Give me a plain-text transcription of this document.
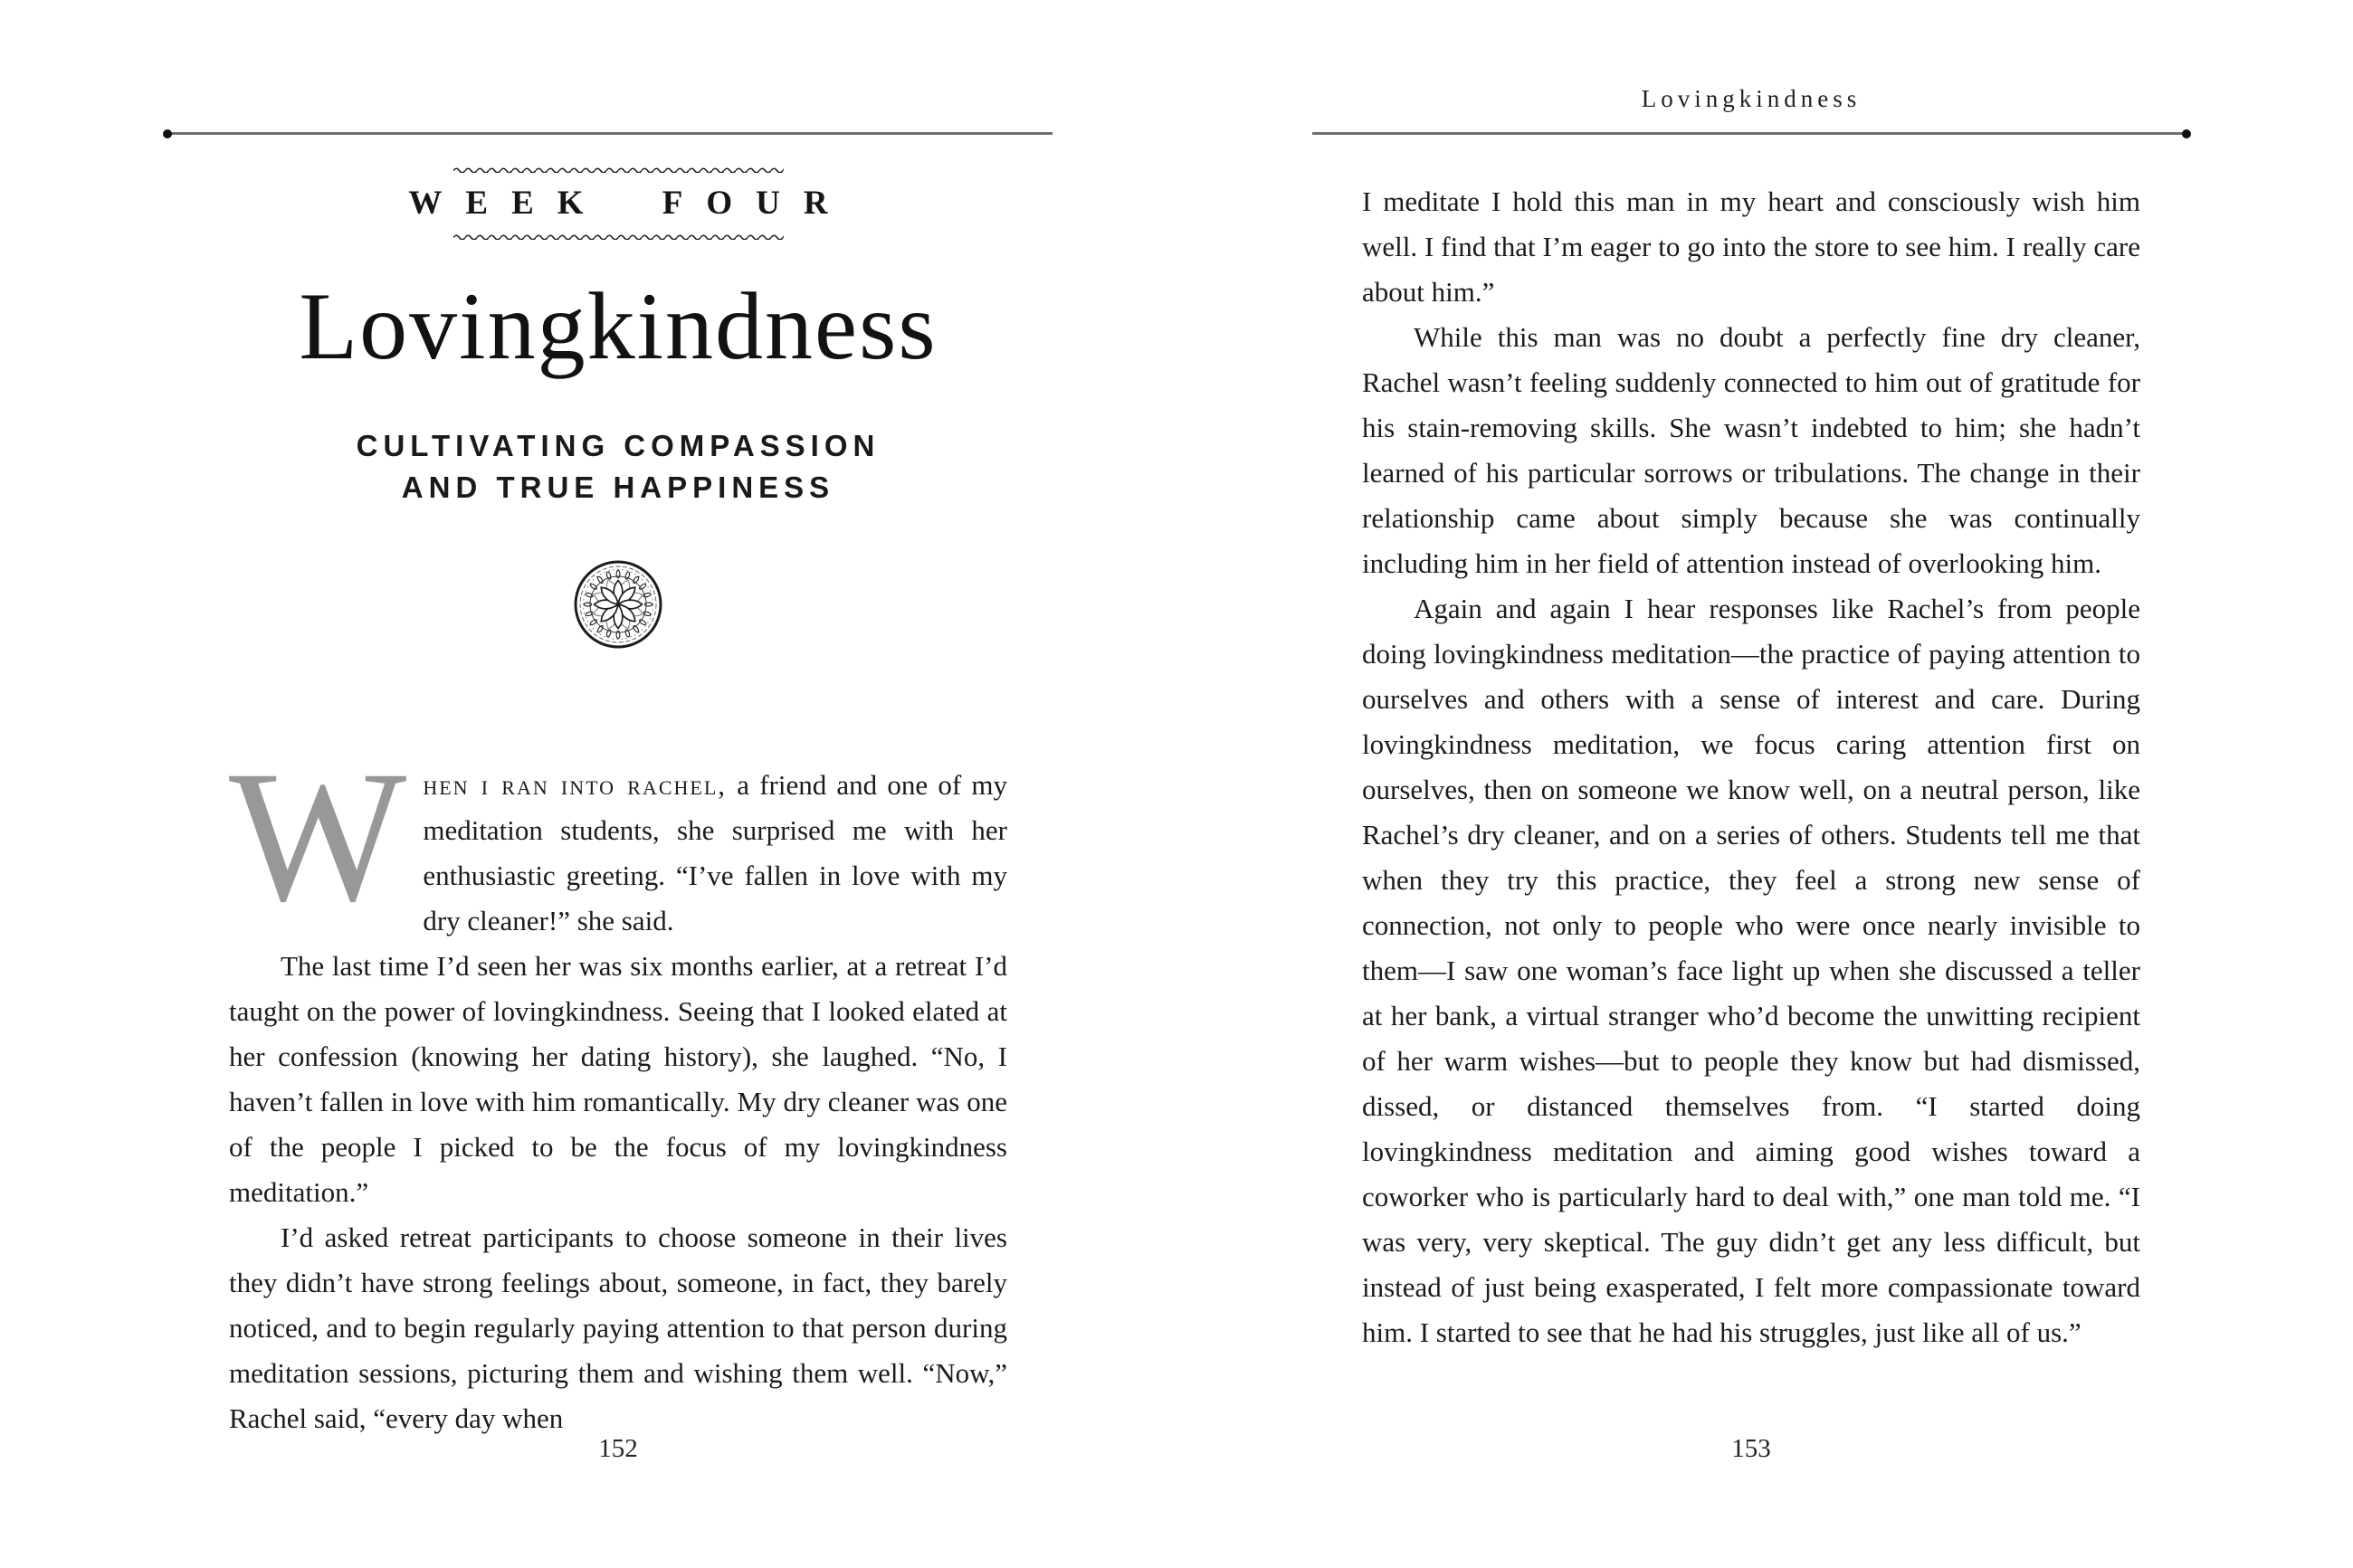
Lovingkindness
WEEK FOUR
Lovingkindness
CULTIVATING COMPASSION
AND TRUE HAPPINESS

When i ran into rachel, a friend and one of my meditation students, she surprised me with her enthusiastic greeting. “I’ve fallen in love with my dry cleaner!” she said.

The last time I’d seen her was six months earlier, at a retreat I’d taught on the power of lovingkindness. Seeing that I looked elated at her confession (knowing her dating history), she laughed. “No, I haven’t fallen in love with him romantically. My dry cleaner was one of the people I picked to be the focus of my lovingkindness meditation.”

I’d asked retreat participants to choose someone in their lives they didn’t have strong feelings about, someone, in fact, they barely noticed, and to begin regularly paying attention to that person during meditation sessions, picturing them and wishing them well. “Now,” Rachel said, “every day when

I meditate I hold this man in my heart and consciously wish him well. I find that I’m eager to go into the store to see him. I really care about him.”

While this man was no doubt a perfectly fine dry cleaner, Rachel wasn’t feeling suddenly connected to him out of gratitude for his stain-removing skills. She wasn’t indebted to him; she hadn’t learned of his particular sorrows or tribulations. The change in their relationship came about simply because she was continually including him in her field of attention instead of overlooking him.

Again and again I hear responses like Rachel’s from people doing lovingkindness meditation—the practice of paying attention to ourselves and others with a sense of interest and care. During lovingkindness meditation, we focus caring attention first on ourselves, then on someone we know well, on a neutral person, like Rachel’s dry cleaner, and on a series of others. Students tell me that when they try this practice, they feel a strong new sense of connection, not only to people who were once nearly invisible to them—I saw one woman’s face light up when she discussed a teller at her bank, a virtual stranger who’d become the unwitting recipient of her warm wishes—but to people they know but had dismissed, dissed, or distanced themselves from. “I started doing lovingkindness meditation and aiming good wishes toward a coworker who is particularly hard to deal with,” one man told me. “I was very, very skeptical. The guy didn’t get any less difficult, but instead of just being exasperated, I felt more compassionate toward him. I started to see that he had his struggles, just like all of us.”

152	153
